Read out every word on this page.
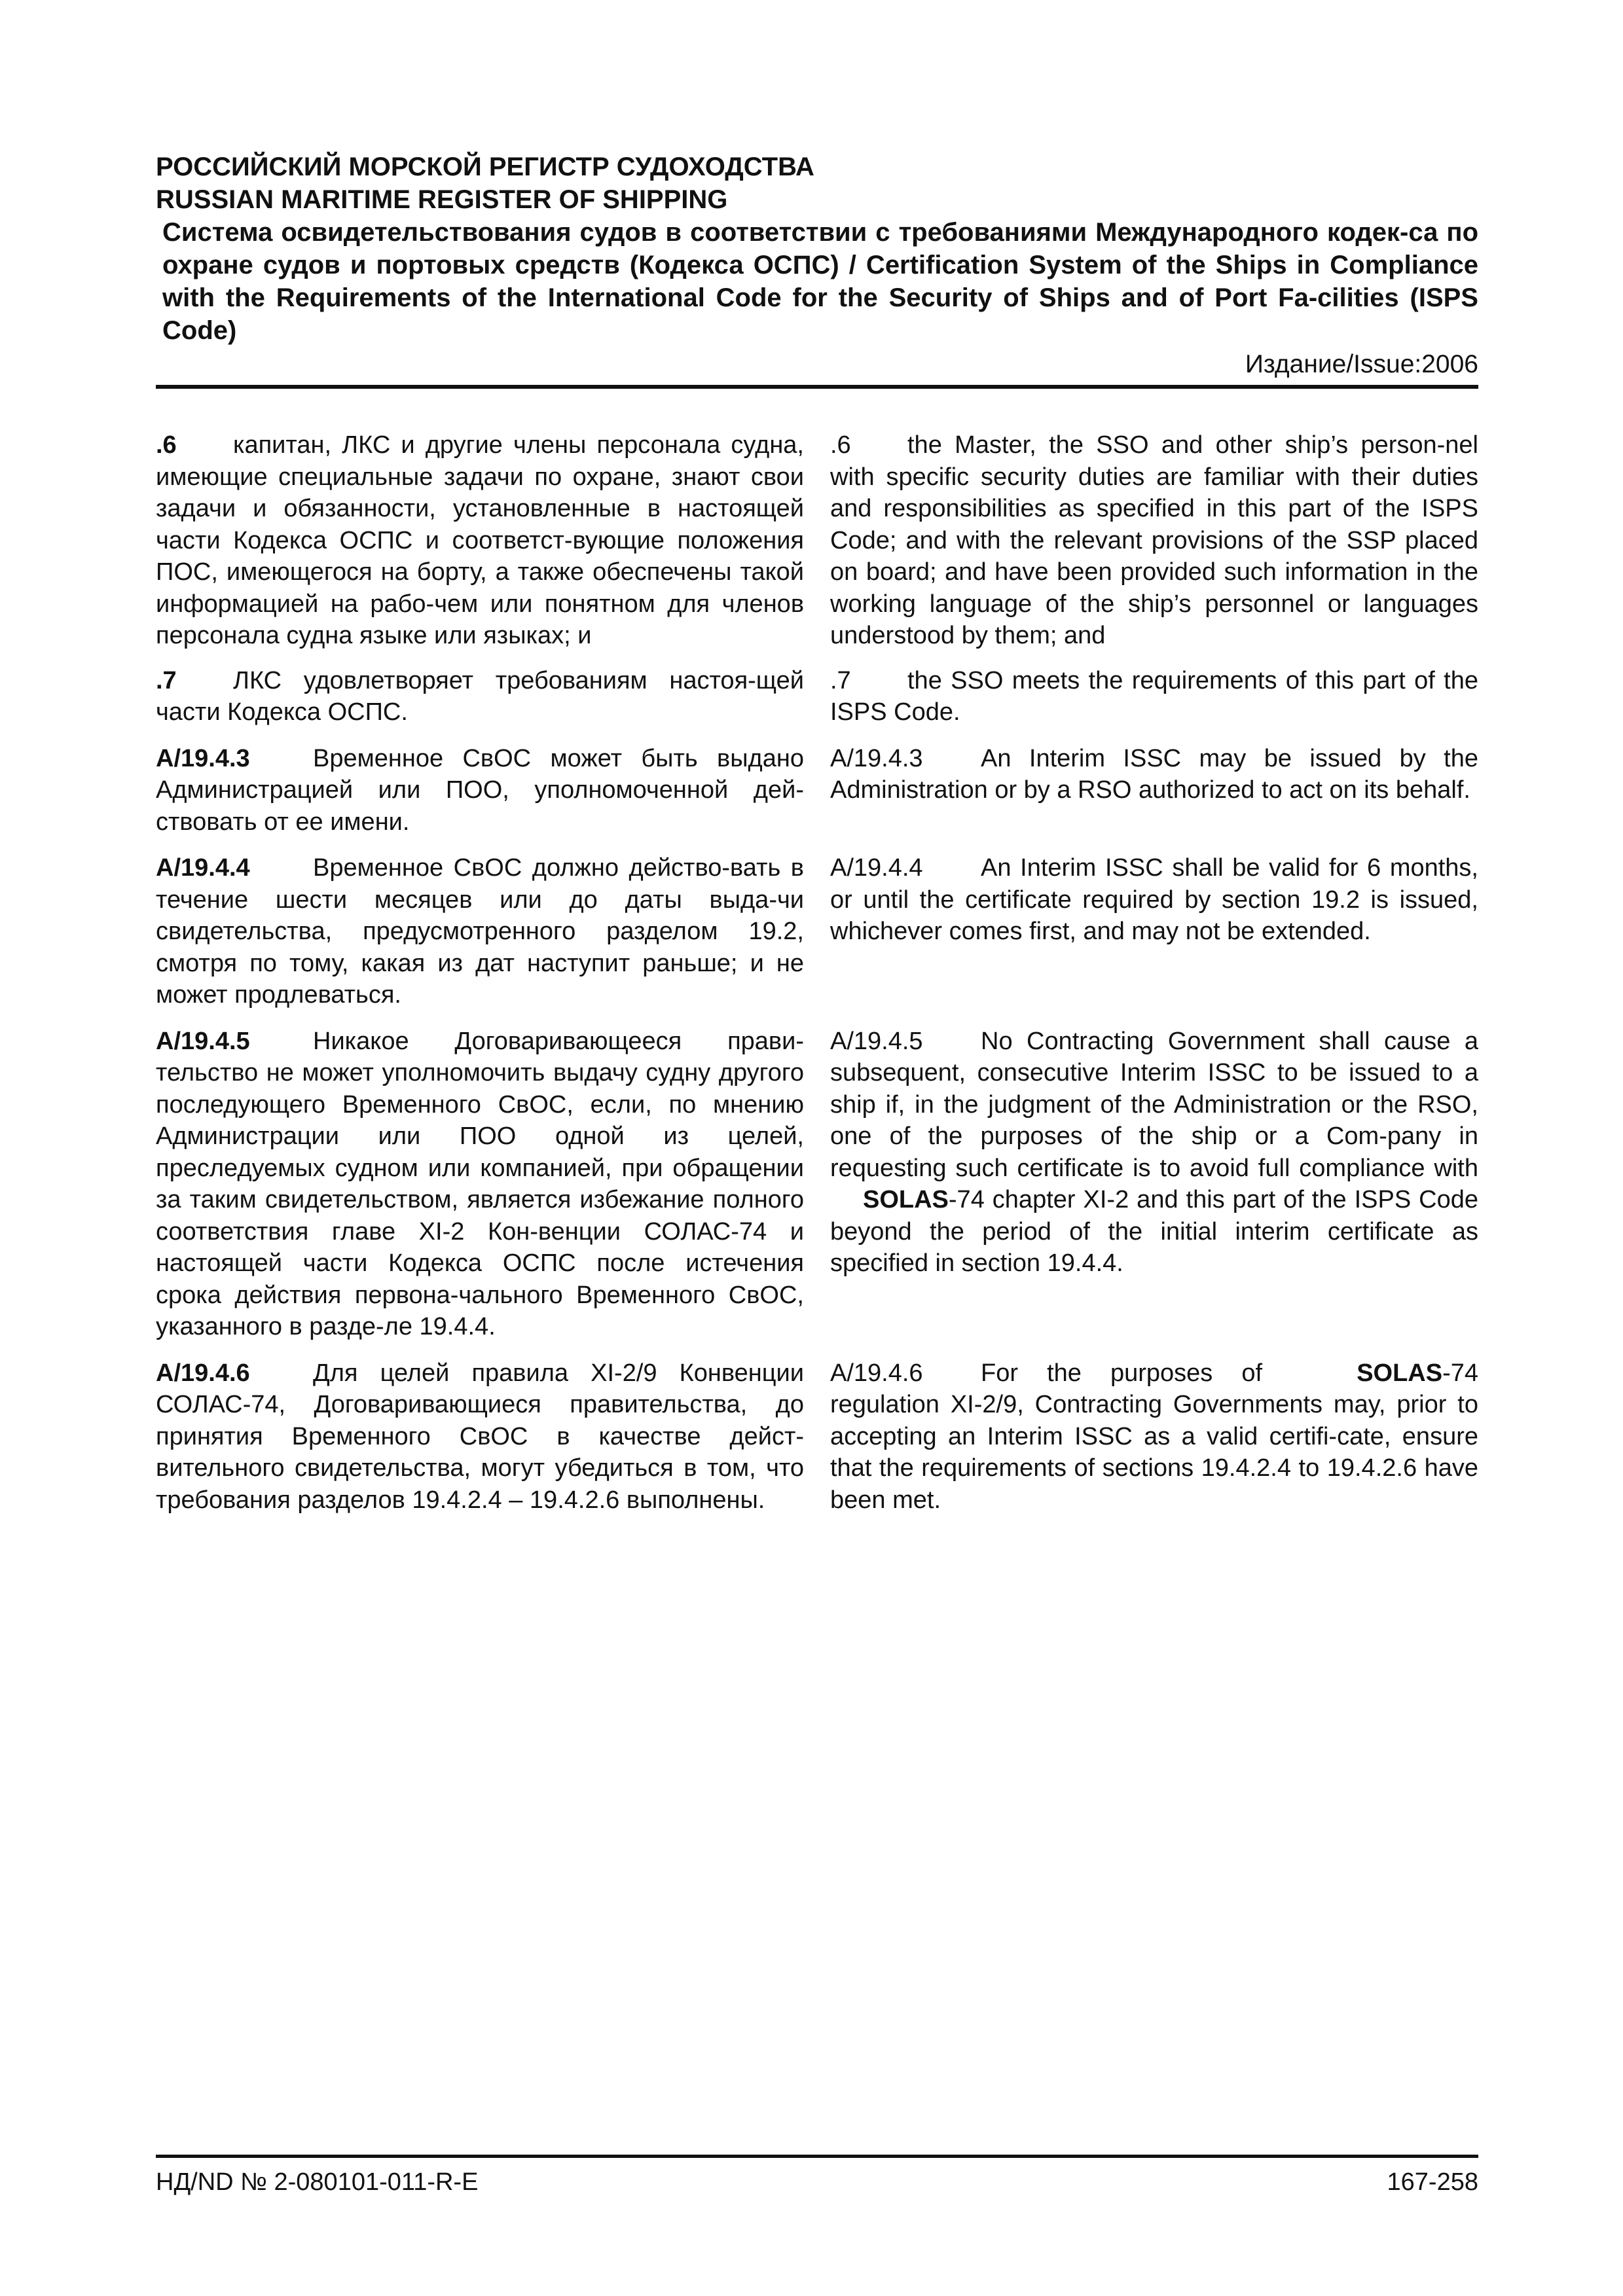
РОССИЙСКИЙ МОРСКОЙ РЕГИСТР СУДОХОДСТВА

RUSSIAN MARITIME REGISTER OF SHIPPING

Система освидетельствования судов в соответствии с требованиями Международного кодек-са по охране судов и портовых средств (Кодекса ОСПС) / Certification System of the Ships in Compliance with the Requirements of the International Code for the Security of Ships and of Port Fa-cilities (ISPS Code)

Издание/Issue:2006
.6 капитан, ЛКС и другие члены персонала судна, имеющие специальные задачи по охране, знают свои задачи и обязанности, установленные в настоящей части Кодекса ОСПС и соответст-вующие положения ПОС, имеющегося на борту, а также обеспечены такой информацией на рабо-чем или понятном для членов персонала судна языке или языках; и
.6 the Master, the SSO and other ship’s person-nel with specific security duties are familiar with their duties and responsibilities as specified in this part of the ISPS Code; and with the relevant provisions of the SSP placed on board; and have been provided such information in the working language of the ship’s personnel or languages understood by them; and
.7 ЛКС удовлетворяет требованиям настоя-щей части Кодекса ОСПС.
.7 the SSO meets the requirements of this part of the ISPS Code.
А/19.4.3	Временное СвОС может быть выдано Администрацией или ПОО, уполномоченной дей-ствовать от ее имени.
A/19.4.3 An Interim ISSC may be issued by the Administration or by a RSO authorized to act on its behalf.
А/19.4.4	Временное СвОС должно действо-вать в течение шести месяцев или до даты выда-чи свидетельства, предусмотренного разделом 19.2, смотря по тому, какая из дат наступит раньше; и не может продлеваться.
A/19.4.4 An Interim ISSC shall be valid for 6 months, or until the certificate required by section 19.2 is issued, whichever comes first, and may not be extended.
А/19.4.5	Никакое Договаривающееся прави-тельство не может уполномочить выдачу судну другого последующего Временного СвОС, если, по мнению Администрации или ПОО одной из целей, преследуемых судном или компанией, при обращении за таким свидетельством, является избежание полного соответствия главе XI-2 Кон-венции СОЛАС-74 и настоящей части Кодекса ОСПС после истечения срока действия первона-чального Временного СвОС, указанного в разде-ле 19.4.4.
A/19.4.5 No Contracting Government shall cause a subsequent, consecutive Interim ISSC to be issued to a ship if, in the judgment of the Administration or the RSO, one of the purposes of the ship or a Com-pany in requesting such certificate is to avoid full compliance with SOLAS-74 chapter XI-2 and this part of the ISPS Code beyond the period of the initial interim certificate as specified in section 19.4.4.
А/19.4.6	Для целей правила XI-2/9 Конвенции СОЛАС-74, Договаривающиеся правительства, до принятия Временного СвОС в качестве дейст-вительного свидетельства, могут убедиться в том, что требования разделов 19.4.2.4 – 19.4.2.6 выполнены.
A/19.4.6 For the purposes of	SOLAS-74 regulation XI-2/9, Contracting Governments may, prior to accepting an Interim ISSC as a valid certifi-cate, ensure that the requirements of sections 19.4.2.4 to 19.4.2.6 have been met.
НД/ND № 2-080101-011-R-E	167-258
